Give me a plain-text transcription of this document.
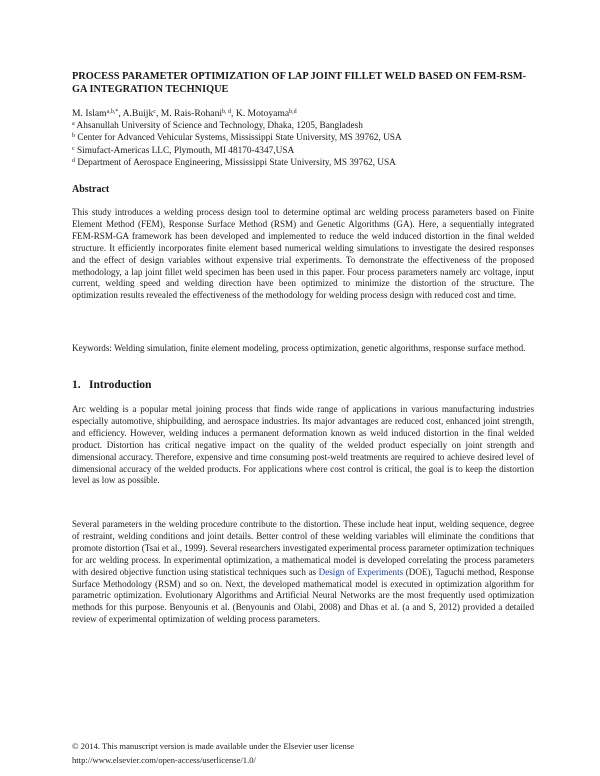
PROCESS PARAMETER OPTIMIZATION OF LAP JOINT FILLET WELD BASED ON FEM-RSM-GA INTEGRATION TECHNIQUE
M. Islam$^{a,b,*}$, A.Buijk$^c$, M. Rais-Rohani$^{b, d}$, K. Motoyama$^{b,d}$
$^a$ Ahsanullah University of Science and Technology, Dhaka, 1205, Bangladesh
$^b$ Center for Advanced Vehicular Systems, Mississippi State University, MS 39762, USA
$^c$ Simufact-Americas LLC, Plymouth, MI 48170-4347,USA
$^d$ Department of Aerospace Engineering, Mississippi State University, MS 39762, USA
Abstract

This study introduces a welding process design tool to determine optimal arc welding process parameters based on Finite Element Method (FEM), Response Surface Method (RSM) and Genetic Algorithms (GA). Here, a sequentially integrated FEM-RSM-GA framework has been developed and implemented to reduce the weld induced distortion in the final welded structure. It efficiently incorporates finite element based numerical welding simulations to investigate the desired responses and the effect of design variables without expensive trial experiments. To demonstrate the effectiveness of the proposed methodology, a lap joint fillet weld specimen has been used in this paper. Four process parameters namely arc voltage, input current, welding speed and welding direction have been optimized to minimize the distortion of the structure. The optimization results revealed the effectiveness of the methodology for welding process design with reduced cost and time.

Keywords: Welding simulation, finite element modeling, process optimization, genetic algorithms, response surface method.

1. Introduction

Arc welding is a popular metal joining process that finds wide range of applications in various manufacturing industries especially automotive, shipbuilding, and aerospace industries. Its major advantages are reduced cost, enhanced joint strength, and efficiency. However, welding induces a permanent deformation known as weld induced distortion in the final welded product. Distortion has critical negative impact on the quality of the welded product especially on joint strength and dimensional accuracy. Therefore, expensive and time consuming post-weld treatments are required to achieve desired level of dimensional accuracy of the welded products. For applications where cost control is critical, the goal is to keep the distortion level as low as possible.

Several parameters in the welding procedure contribute to the distortion. These include heat input, welding sequence, degree of restraint, welding conditions and joint details. Better control of these welding variables will eliminate the conditions that promote distortion (Tsai et al., 1999). Several researchers investigated experimental process parameter optimization techniques for arc welding process. In experimental optimization, a mathematical model is developed correlating the process parameters with desired objective function using statistical techniques such as Design of Experiments (DOE), Taguchi method, Response Surface Methodology (RSM) and so on. Next, the developed mathematical model is executed in optimization algorithm for parametric optimization. Evolutionary Algorithms and Artificial Neural Networks are the most frequently used optimization methods for this purpose. Benyounis et al. (Benyounis and Olabi, 2008) and Dhas et al. (a and S, 2012) provided a detailed review of experimental optimization of welding process parameters.

© 2014. This manuscript version is made available under the Elsevier user license
http://www.elsevier.com/open-access/userlicense/1.0/
